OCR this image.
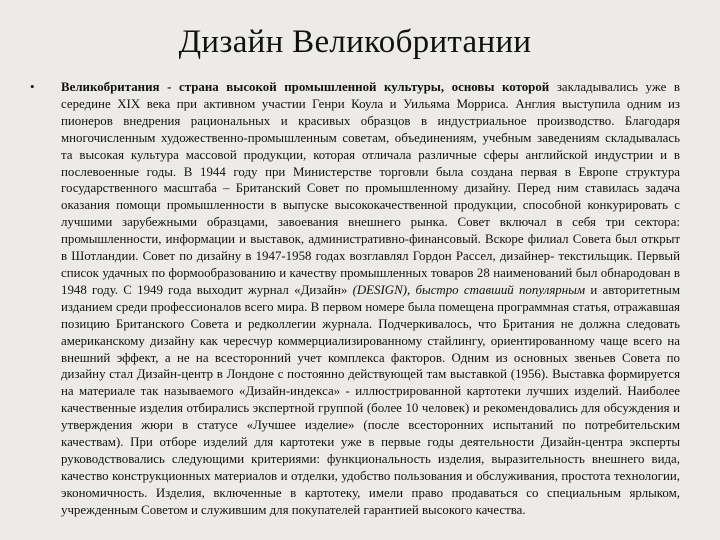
Дизайн Великобритании
•	Великобритания - страна высокой промышленной культуры, основы которой закладывались уже в середине XIX века при активном участии Генри Коула и Уильяма Морриса. Англия выступила одним из пионеров внедрения рациональных и красивых образцов в индустриальное производство. Благодаря многочисленным художественно-промышленным советам, объединениям, учебным заведениям складывалась та высокая культура массовой продукции, которая отличала различные сферы английской индустрии и в послевоенные годы. В 1944 году при Министерстве торговли была создана первая в Европе структура государственного масштаба – Британский Совет по промышленному дизайну. Перед ним ставилась задача оказания помощи промышленности в выпуске высококачественной продукции, способной конкурировать с лучшими зарубежными образцами, завоевания внешнего рынка. Совет включал в себя три сектора: промышленности, информации и выставок, административно-финансовый. Вскоре филиал Совета был открыт в Шотландии. Совет по дизайну в 1947-1958 годах возглавлял Гордон Рассел, дизайнер- текстильщик. Первый список удачных по формообразованию и качеству промышленных товаров 28 наименований был обнародован в 1948 году. С 1949 года выходит журнал «Дизайн» (DESIGN), быстро ставший популярным и авторитетным изданием среди профессионалов всего мира. В первом номере была помещена программная статья, отражавшая позицию Британского Совета и редколлегии журнала. Подчеркивалось, что Британия не должна следовать американскому дизайну как чересчур коммерциализированному стайлингу, ориентированному чаще всего на внешний эффект, а не на всесторонний учет комплекса факторов. Одним из основных звеньев Совета по дизайну стал Дизайн-центр в Лондоне с постоянно действующей там выставкой (1956). Выставка формируется на материале так называемого «Дизайн-индекса» - иллюстрированной картотеки лучших изделий. Наиболее качественные изделия отбирались экспертной группой (более 10 человек) и рекомендовались для обсуждения и утверждения жюри в статусе «Лучшее изделие» (после всесторонних испытаний по потребительским качествам). При отборе изделий для картотеки уже в первые годы деятельности Дизайн-центра эксперты руководствовались следующими критериями: функциональность изделия, выразительность внешнего вида, качество конструкционных материалов и отделки, удобство пользования и обслуживания, простота технологии, экономичность. Изделия, включенные в картотеку, имели право продаваться со специальным ярлыком, учрежденным Советом и служившим для покупателей гарантией высокого качества.
